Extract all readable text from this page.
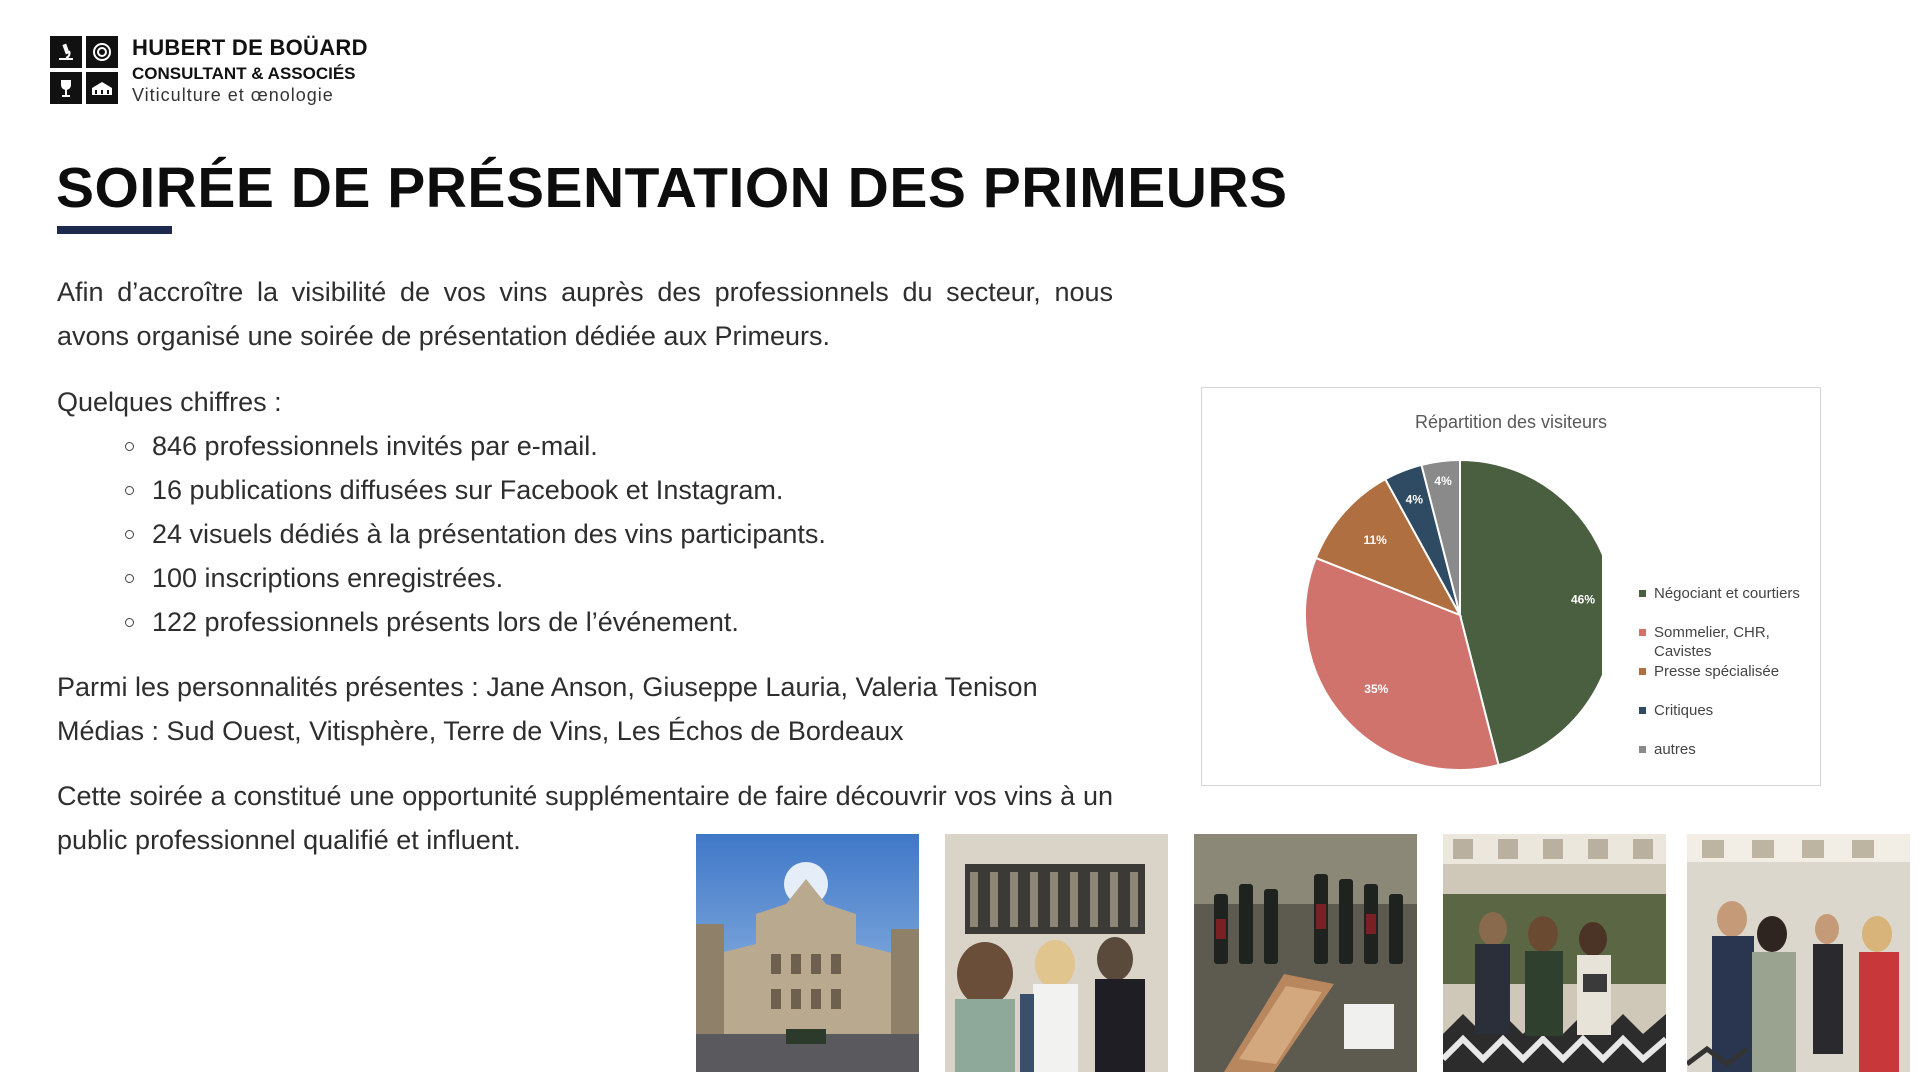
HUBERT DE BOÜARD
CONSULTANT & ASSOCIÉS
Viticulture et œnologie
SOIRÉE DE PRÉSENTATION DES PRIMEURS
Afin d’accroître la visibilité de vos vins auprès des professionnels du secteur, nous avons organisé une soirée de présentation dédiée aux Primeurs.
Quelques chiffres :
846 professionnels invités par e-mail.
16 publications diffusées sur Facebook et Instagram.
24 visuels dédiés à la présentation des vins participants.
100 inscriptions enregistrées.
122 professionnels présents lors de l’événement.
Parmi les personnalités présentes : Jane Anson, Giuseppe Lauria, Valeria Tenison
Médias : Sud Ouest, Vitisphère, Terre de Vins, Les Échos de Bordeaux
Cette soirée a constitué une opportunité supplémentaire de faire découvrir vos vins à un public professionnel qualifié et influent.
Répartition des visiteurs
46%
35%
11%
4%
4%
Négociant et courtiers
Sommelier, CHR, Cavistes
Presse spécialisée
Critiques
autres
